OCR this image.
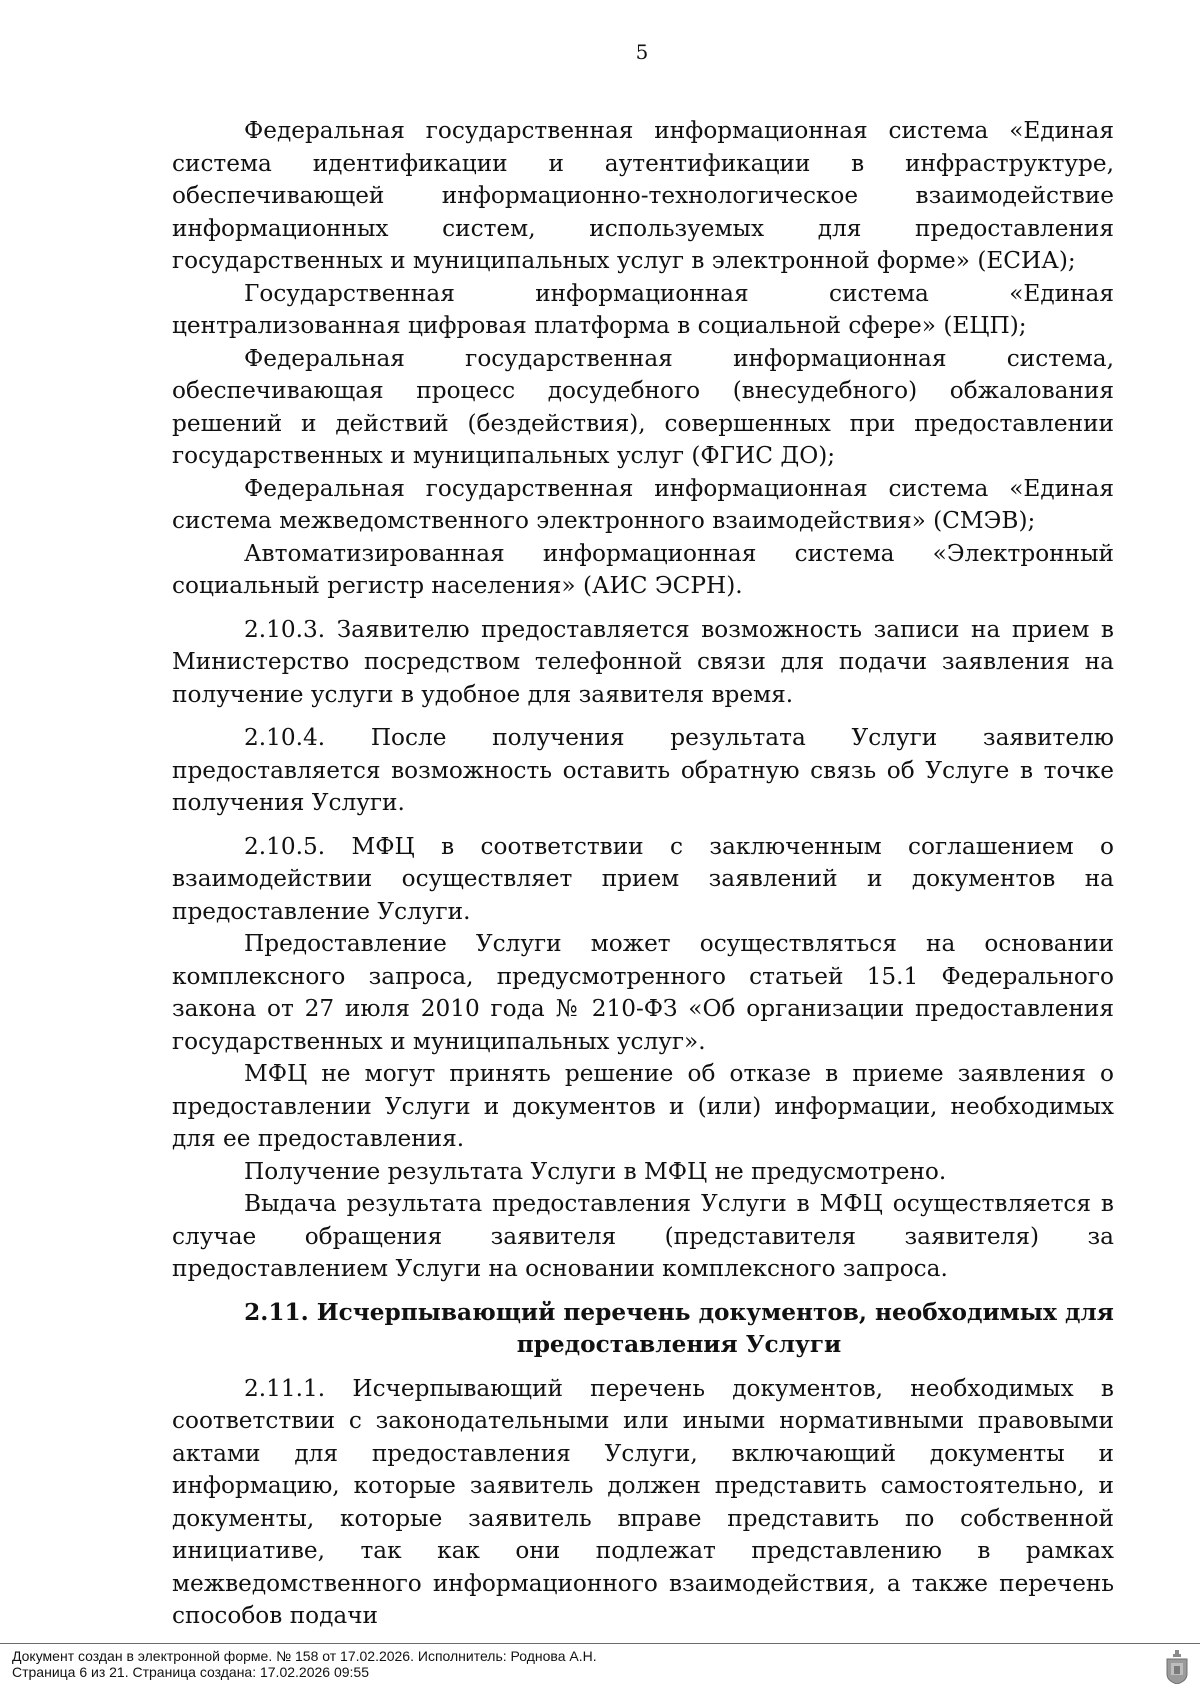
5

Федеральная государственная информационная система «Единая система идентификации и аутентификации в инфраструктуре, обеспечивающей информационно-технологическое взаимодействие информационных систем, используемых для предоставления государственных и муниципальных услуг в электронной форме» (ЕСИА);

Государственная информационная система «Единая централизованная цифровая платформа в социальной сфере» (ЕЦП);

Федеральная государственная информационная система, обеспечивающая процесс досудебного (внесудебного) обжалования решений и действий (бездействия), совершенных при предоставлении государственных и муниципальных услуг (ФГИС ДО);

Федеральная государственная информационная система «Единая система межведомственного электронного взаимодействия» (СМЭВ);

Автоматизированная информационная система «Электронный социальный регистр населения» (АИС ЭСРН).

2.10.3. Заявителю предоставляется возможность записи на прием в Министерство посредством телефонной связи для подачи заявления на получение услуги в удобное для заявителя время.

2.10.4. После получения результата Услуги заявителю предоставляется возможность оставить обратную связь об Услуге в точке получения Услуги.

2.10.5. МФЦ в соответствии с заключенным соглашением о взаимодействии осуществляет прием заявлений и документов на предоставление Услуги.

Предоставление Услуги может осуществляться на основании комплексного запроса, предусмотренного статьей 15.1 Федерального закона от 27 июля 2010 года № 210-ФЗ «Об организации предоставления государственных и муниципальных услуг».

МФЦ не могут принять решение об отказе в приеме заявления о предоставлении Услуги и документов и (или) информации, необходимых для ее предоставления.

Получение результата Услуги в МФЦ не предусмотрено.

Выдача результата предоставления Услуги в МФЦ осуществляется в случае обращения заявителя (представителя заявителя) за предоставлением Услуги на основании комплексного запроса.

2.11. Исчерпывающий перечень документов, необходимых для
предоставления Услуги

2.11.1. Исчерпывающий перечень документов, необходимых в соответствии с законодательными или иными нормативными правовыми актами для предоставления Услуги, включающий документы и информацию, которые заявитель должен представить самостоятельно, и документы, которые заявитель вправе представить по собственной инициативе, так как они подлежат представлению в рамках межведомственного информационного взаимодействия, а также перечень способов подачи

Документ создан в электронной форме. № 158 от 17.02.2026. Исполнитель: Роднова А.Н.
Страница 6 из 21. Страница создана: 17.02.2026 09:55
